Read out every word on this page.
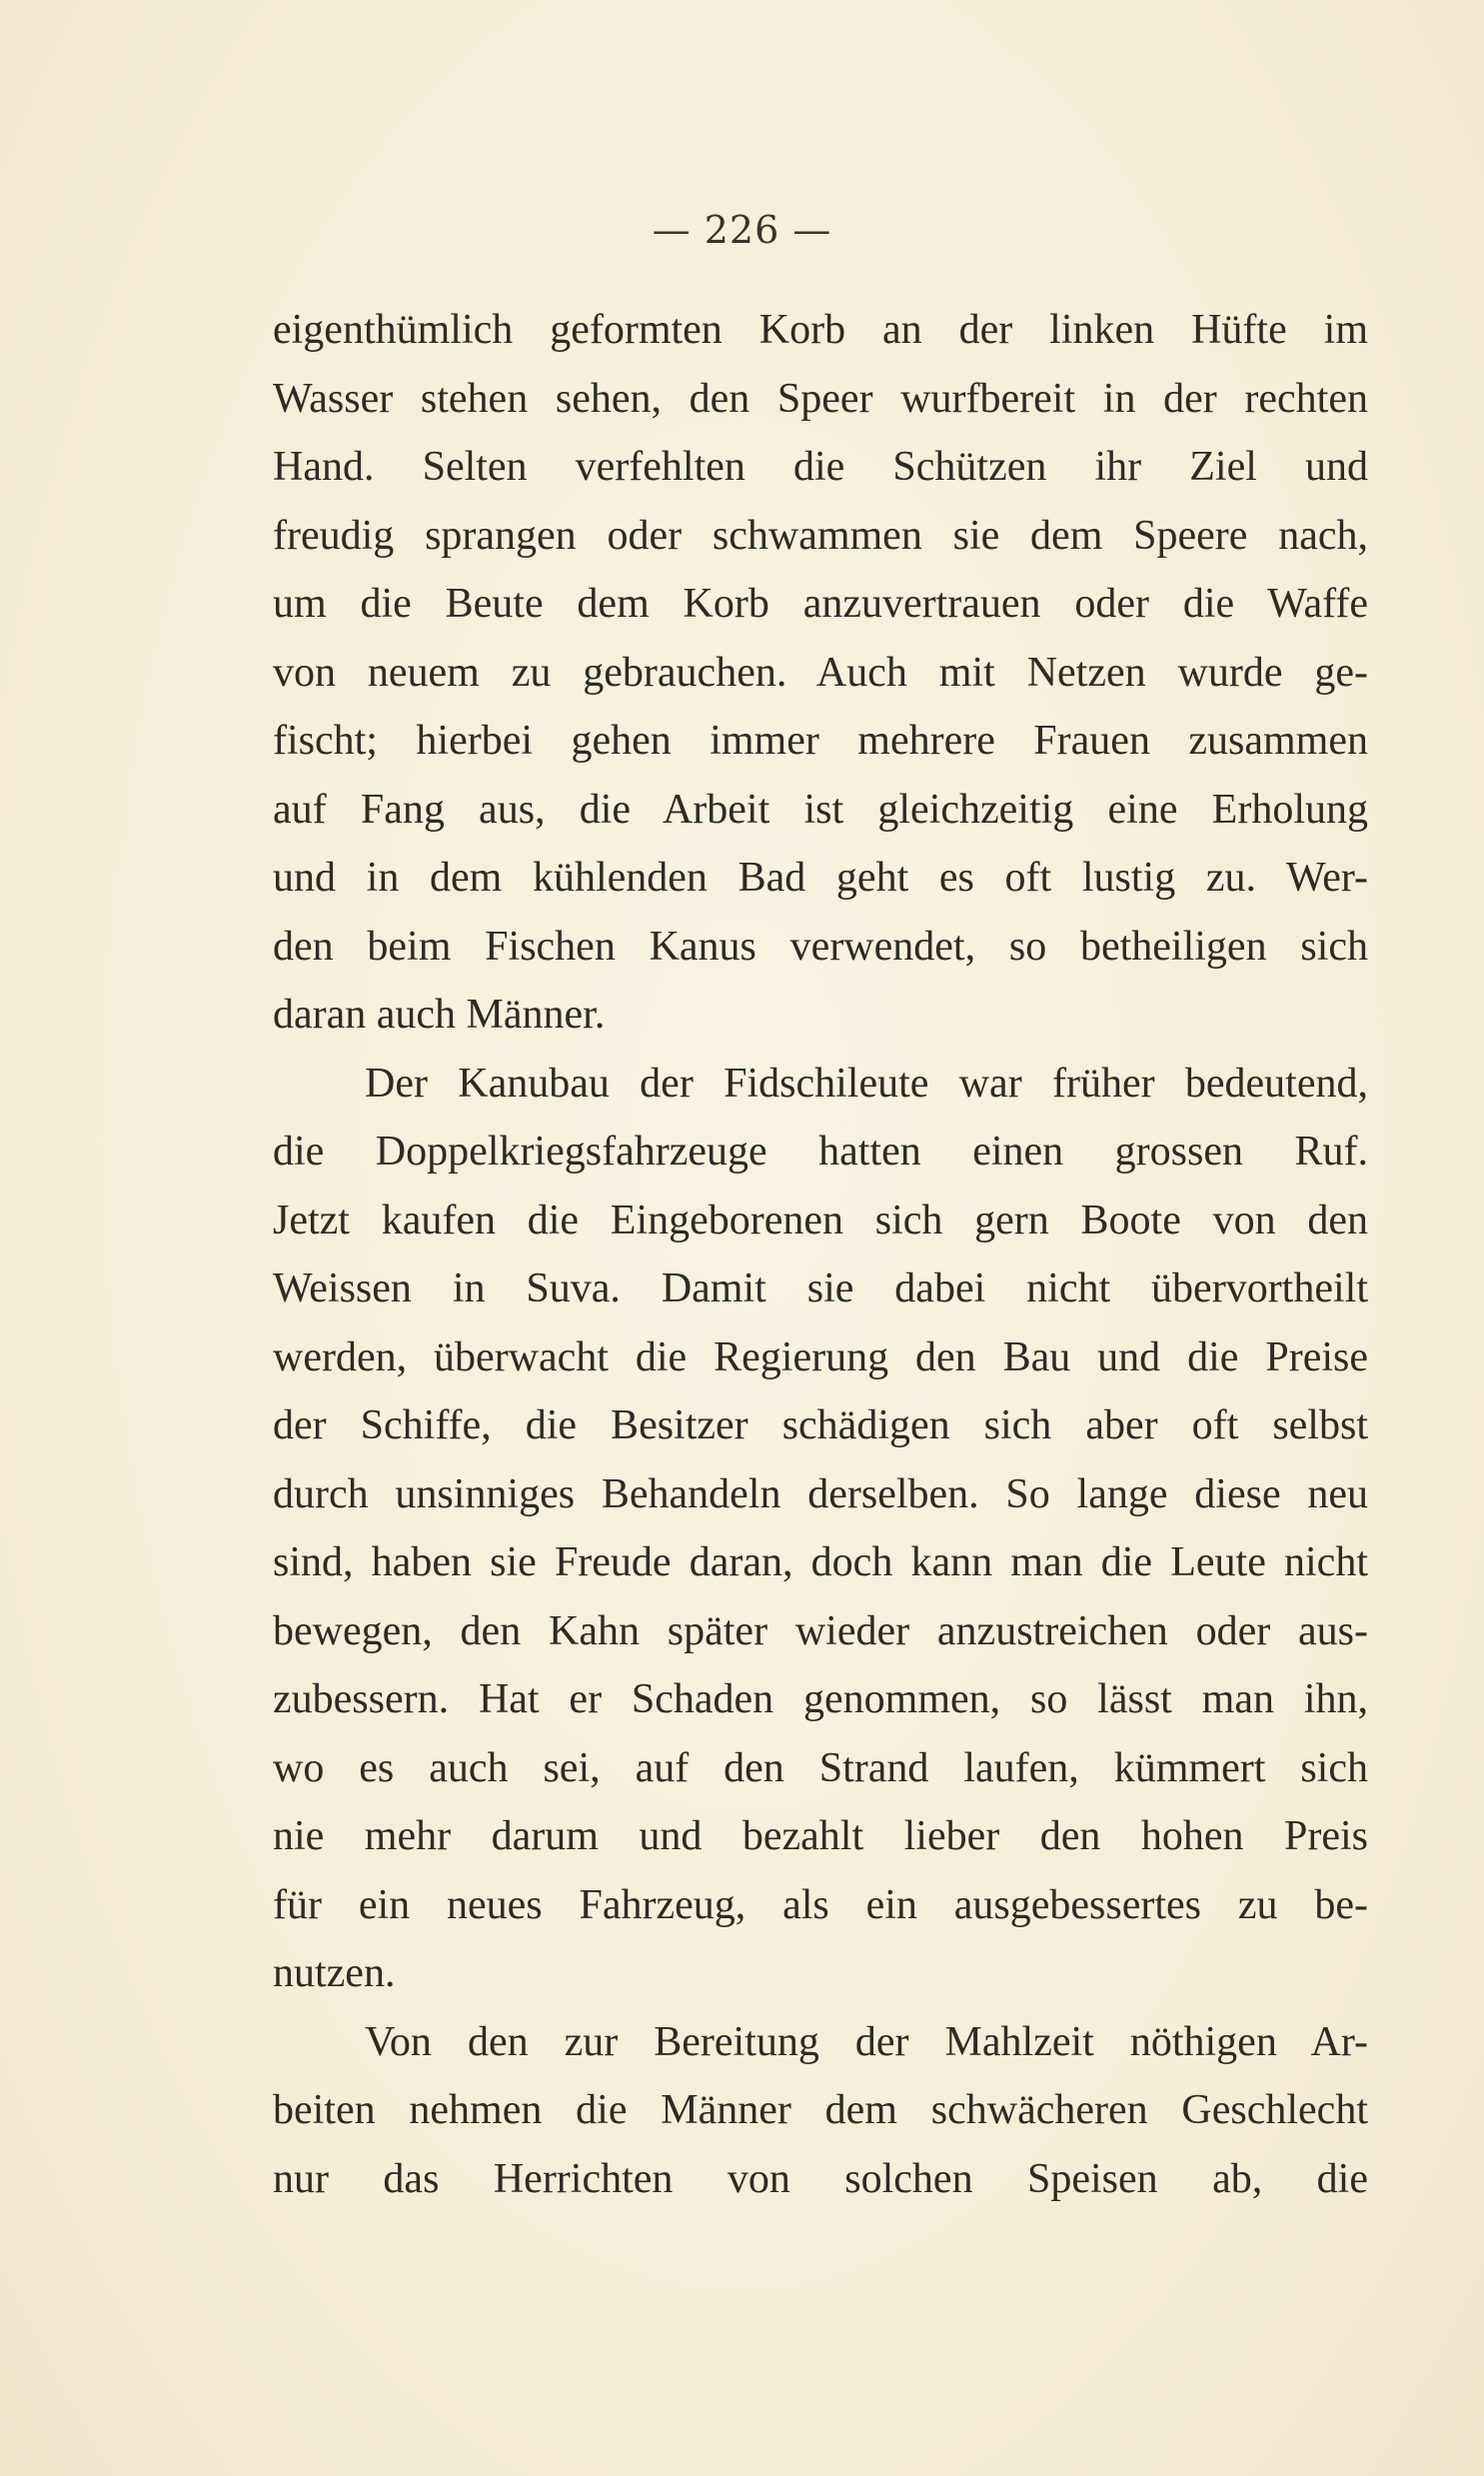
— 226 —
eigenthümlich geformten Korb an der linken Hüfte im
Wasser stehen sehen, den Speer wurfbereit in der rechten
Hand. Selten verfehlten die Schützen ihr Ziel und
freudig sprangen oder schwammen sie dem Speere nach,
um die Beute dem Korb anzuvertrauen oder die Waffe
von neuem zu gebrauchen. Auch mit Netzen wurde ge-
fischt; hierbei gehen immer mehrere Frauen zusammen
auf Fang aus, die Arbeit ist gleichzeitig eine Erholung
und in dem kühlenden Bad geht es oft lustig zu. Wer-
den beim Fischen Kanus verwendet, so betheiligen sich
daran auch Männer.
Der Kanubau der Fidschileute war früher bedeutend,
die Doppelkriegsfahrzeuge hatten einen grossen Ruf.
Jetzt kaufen die Eingeborenen sich gern Boote von den
Weissen in Suva. Damit sie dabei nicht übervortheilt
werden, überwacht die Regierung den Bau und die Preise
der Schiffe, die Besitzer schädigen sich aber oft selbst
durch unsinniges Behandeln derselben. So lange diese neu
sind, haben sie Freude daran, doch kann man die Leute nicht
bewegen, den Kahn später wieder anzustreichen oder aus-
zubessern. Hat er Schaden genommen, so lässt man ihn,
wo es auch sei, auf den Strand laufen, kümmert sich
nie mehr darum und bezahlt lieber den hohen Preis
für ein neues Fahrzeug, als ein ausgebessertes zu be-
nutzen.
Von den zur Bereitung der Mahlzeit nöthigen Ar-
beiten nehmen die Männer dem schwächeren Geschlecht
nur das Herrichten von solchen Speisen ab, die
